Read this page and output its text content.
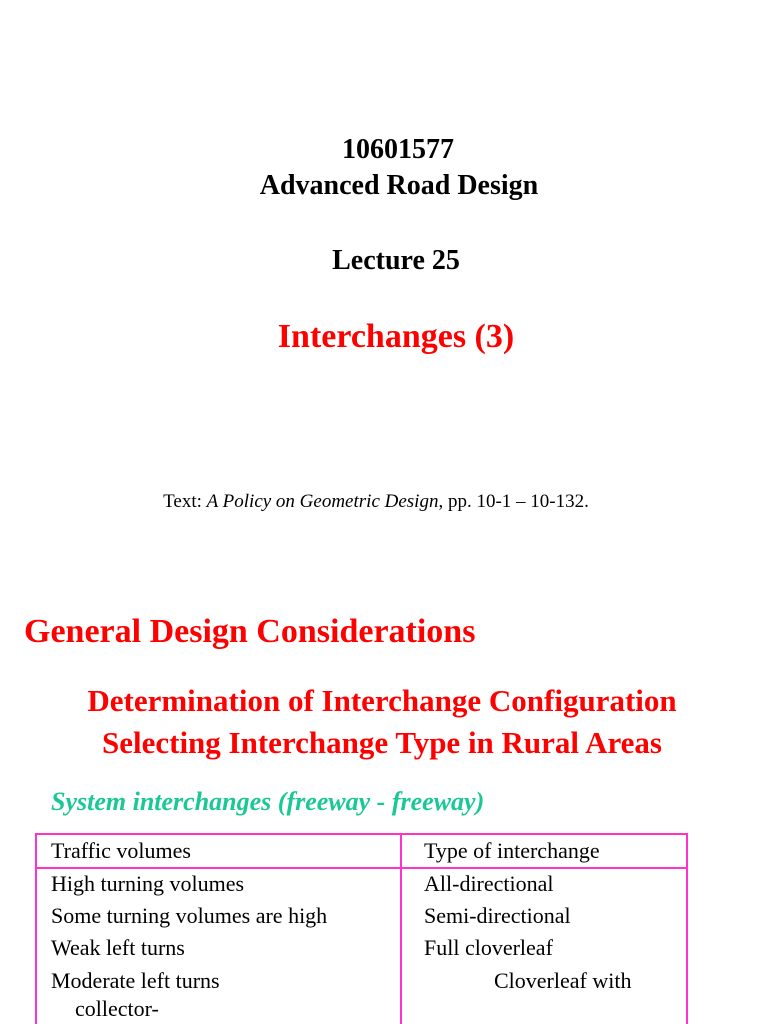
10601577
Advanced Road Design
Lecture 25
Interchanges (3)
Text: A Policy on Geometric Design, pp. 10-1 – 10-132.
General Design Considerations
Determination of Interchange Configuration
Selecting Interchange Type in Rural Areas
System interchanges (freeway - freeway)
Traffic volumes	Type of interchange
High turning volumes	All-directional
Some turning volumes are high	Semi-directional
Weak left turns	Full cloverleaf
Moderate left turns	Cloverleaf with
collector-
